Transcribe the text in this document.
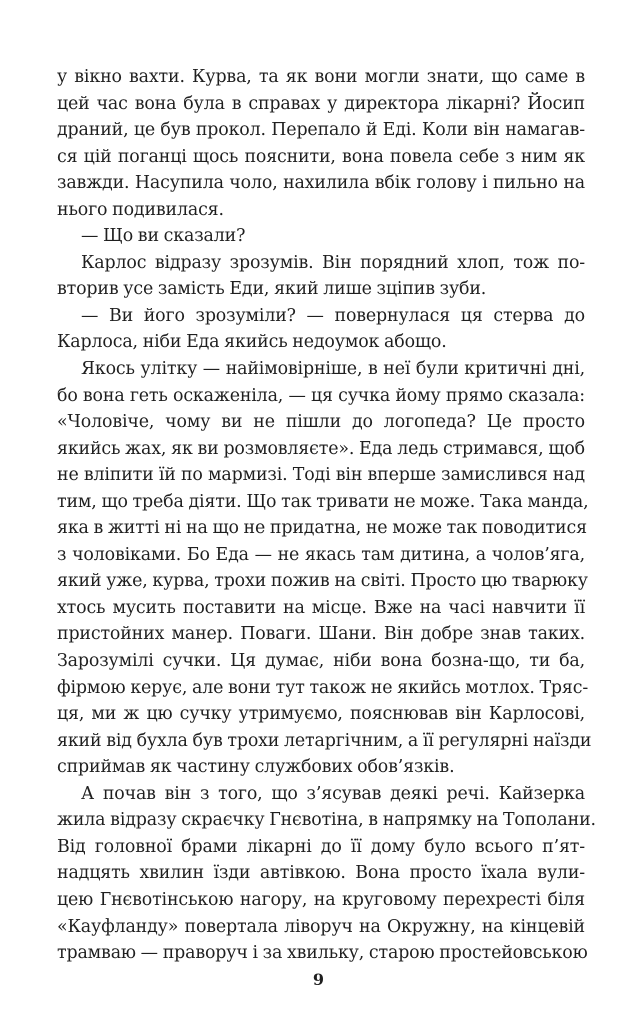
у вікно вахти. Курва, та як вони могли знати, що саме в
цей час вона була в справах у директора лікарні? Йосип
драний, це був прокол. Перепало й Еді. Коли він намагав-
ся цій поганці щось пояснити, вона повела себе з ним як
завжди. Насупила чоло, нахилила вбік голову і пильно на
нього подивилася.
— Що ви сказали?
Карлос відразу зрозумів. Він порядний хлоп, тож по-
вторив усе замість Еди, який лише зціпив зуби.
— Ви його зрозуміли? — повернулася ця стерва до
Карлоса, ніби Еда якийсь недоумок абощо.
Якось улітку — найімовірніше, в неї були критичні дні,
бо вона геть оскаженіла, — ця сучка йому прямо сказала:
«Чоловіче, чому ви не пішли до логопеда? Це просто
якийсь жах, як ви розмовляєте». Еда ледь стримався, щоб
не вліпити їй по мармизі. Тоді він вперше замислився над
тим, що треба діяти. Що так тривати не може. Така манда,
яка в житті ні на що не придатна, не може так поводитися
з чоловіками. Бо Еда — не якась там дитина, а чолов’яга,
який уже, курва, трохи пожив на світі. Просто цю тварюку
хтось мусить поставити на місце. Вже на часі навчити її
пристойних манер. Поваги. Шани. Він добре знав таких.
Зарозумілі сучки. Ця думає, ніби вона бозна-що, ти ба,
фірмою керує, але вони тут також не якийсь мотлох. Тряс-
ця, ми ж цю сучку утримуємо, пояснював він Карлосові,
який від бухла був трохи летаргічним, а її регулярні наїзди
сприймав як частину службових обов’язків.
А почав він з того, що з’ясував деякі речі. Кайзерка
жила відразу скраєчку Гнєвотіна, в напрямку на Тополани.
Від головної брами лікарні до її дому було всього п’ят-
надцять хвилин їзди автівкою. Вона просто їхала вули-
цею Гнєвотінською нагору, на круговому перехресті біля
«Кауфланду» повертала ліворуч на Окружну, на кінцевій
трамваю — праворуч і за хвильку, старою простейовською
9
